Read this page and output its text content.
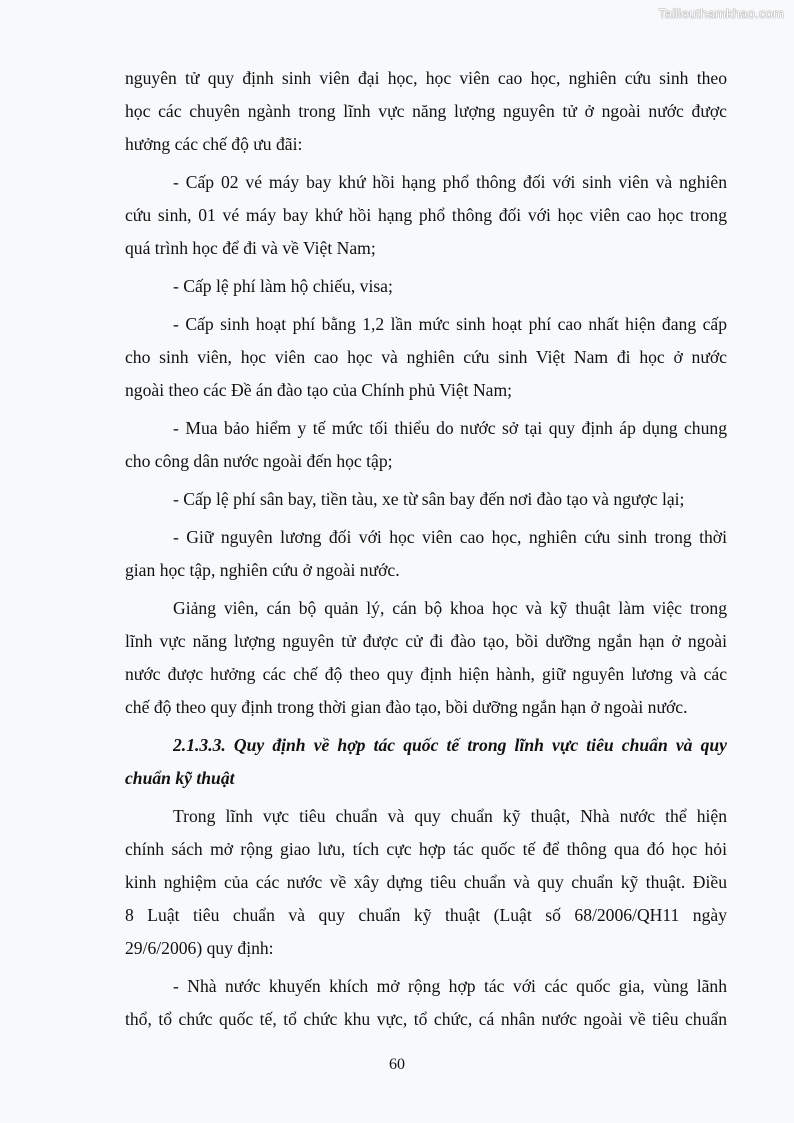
Tailieuthamkhao.com
nguyên tử quy định sinh viên đại học, học viên cao học, nghiên cứu sinh theo
học các chuyên ngành trong lĩnh vực năng lượng nguyên tử ở ngoài nước được
hưởng các chế độ ưu đãi:
- Cấp 02 vé máy bay khứ hồi hạng phổ thông đối với sinh viên và nghiên
cứu sinh, 01 vé máy bay khứ hồi hạng phổ thông đối với học viên cao học trong
quá trình học để đi và về Việt Nam;
- Cấp lệ phí làm hộ chiếu, visa;
- Cấp sinh hoạt phí bằng 1,2 lần mức sinh hoạt phí cao nhất hiện đang cấp
cho sinh viên, học viên cao học và nghiên cứu sinh Việt Nam đi học ở nước
ngoài theo các Đề án đào tạo của Chính phủ Việt Nam;
- Mua bảo hiểm y tế mức tối thiểu do nước sở tại quy định áp dụng chung
cho công dân nước ngoài đến học tập;
- Cấp lệ phí sân bay, tiền tàu, xe từ sân bay đến nơi đào tạo và ngược lại;
- Giữ nguyên lương đối với học viên cao học, nghiên cứu sinh trong thời
gian học tập, nghiên cứu ở ngoài nước.
Giảng viên, cán bộ quản lý, cán bộ khoa học và kỹ thuật làm việc trong
lĩnh vực năng lượng nguyên tử được cử đi đào tạo, bồi dưỡng ngắn hạn ở ngoài
nước được hưởng các chế độ theo quy định hiện hành, giữ nguyên lương và các
chế độ theo quy định trong thời gian đào tạo, bồi dưỡng ngắn hạn ở ngoài nước.
2.1.3.3. Quy định về hợp tác quốc tế trong lĩnh vực tiêu chuẩn và quy
chuẩn kỹ thuật
Trong lĩnh vực tiêu chuẩn và quy chuẩn kỹ thuật, Nhà nước thể hiện
chính sách mở rộng giao lưu, tích cực hợp tác quốc tế để thông qua đó học hỏi
kinh nghiệm của các nước về xây dựng tiêu chuẩn và quy chuẩn kỹ thuật. Điều
8 Luật tiêu chuẩn và quy chuẩn kỹ thuật (Luật số 68/2006/QH11 ngày
29/6/2006) quy định:
- Nhà nước khuyến khích mở rộng hợp tác với các quốc gia, vùng lãnh
thổ, tổ chức quốc tế, tổ chức khu vực, tổ chức, cá nhân nước ngoài về tiêu chuẩn
60
